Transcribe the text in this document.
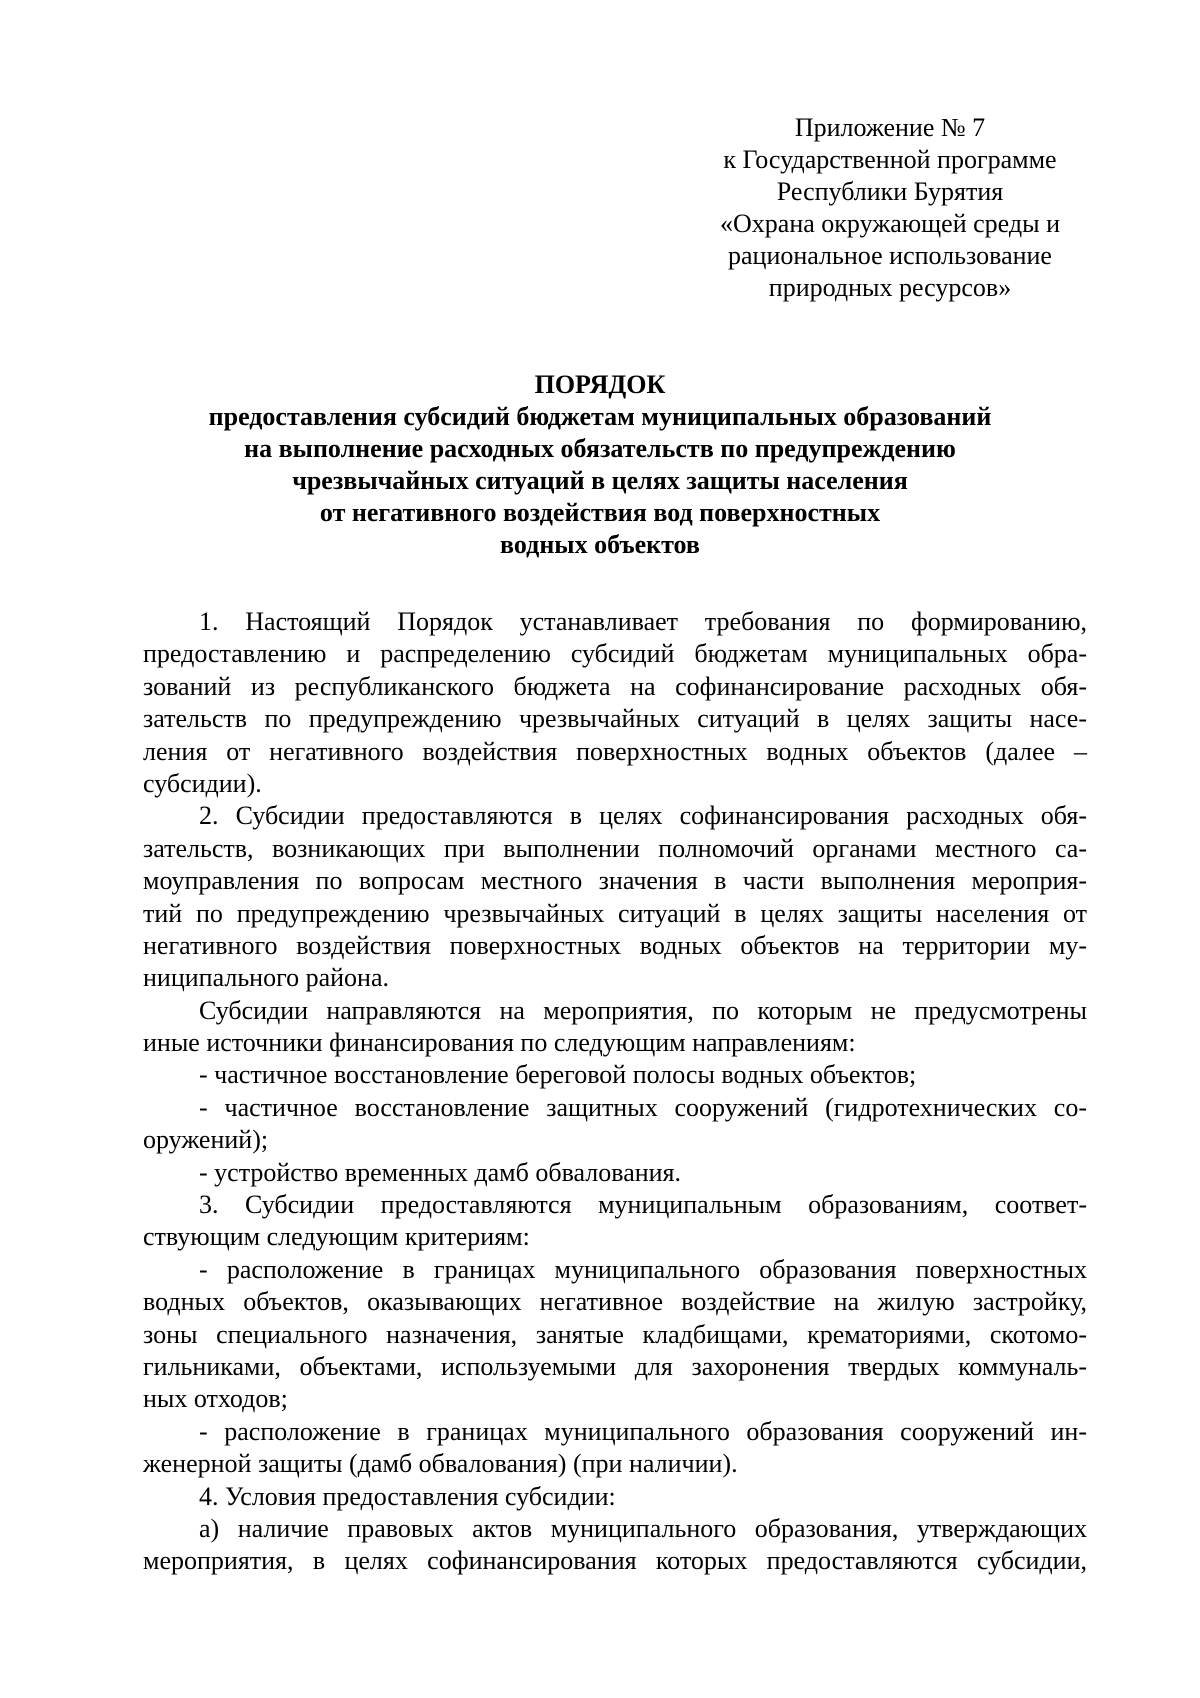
Приложение № 7
к Государственной программе
Республики Бурятия
«Охрана окружающей среды и
рациональное использование
природных ресурсов»
ПОРЯДОК
предоставления субсидий бюджетам муниципальных образований
на выполнение расходных обязательств по предупреждению
чрезвычайных ситуаций в целях защиты населения
от негативного воздействия вод поверхностных
водных объектов
1. Настоящий Порядок устанавливает требования по формированию,
предоставлению и распределению субсидий бюджетам муниципальных обра-
зований из республиканского бюджета на софинансирование расходных обя-
зательств по предупреждению чрезвычайных ситуаций в целях защиты насе-
ления от негативного воздействия поверхностных водных объектов (далее –
субсидии).
2. Субсидии предоставляются в целях софинансирования расходных обя-
зательств, возникающих при выполнении полномочий органами местного са-
моуправления по вопросам местного значения в части выполнения мероприя-
тий по предупреждению чрезвычайных ситуаций в целях защиты населения от
негативного воздействия поверхностных водных объектов на территории му-
ниципального района.
Субсидии направляются на мероприятия, по которым не предусмотрены
иные источники финансирования по следующим направлениям:
- частичное восстановление береговой полосы водных объектов;
- частичное восстановление защитных сооружений (гидротехнических со-
оружений);
- устройство временных дамб обвалования.
3. Субсидии предоставляются муниципальным образованиям, соответ-
ствующим следующим критериям:
- расположение в границах муниципального образования поверхностных
водных объектов, оказывающих негативное воздействие на жилую застройку,
зоны специального назначения, занятые кладбищами, крематориями, скотомо-
гильниками, объектами, используемыми для захоронения твердых коммуналь-
ных отходов;
- расположение в границах муниципального образования сооружений ин-
женерной защиты (дамб обвалования) (при наличии).
4. Условия предоставления субсидии:
а) наличие правовых актов муниципального образования, утверждающих
мероприятия, в целях софинансирования которых предоставляются субсидии,
